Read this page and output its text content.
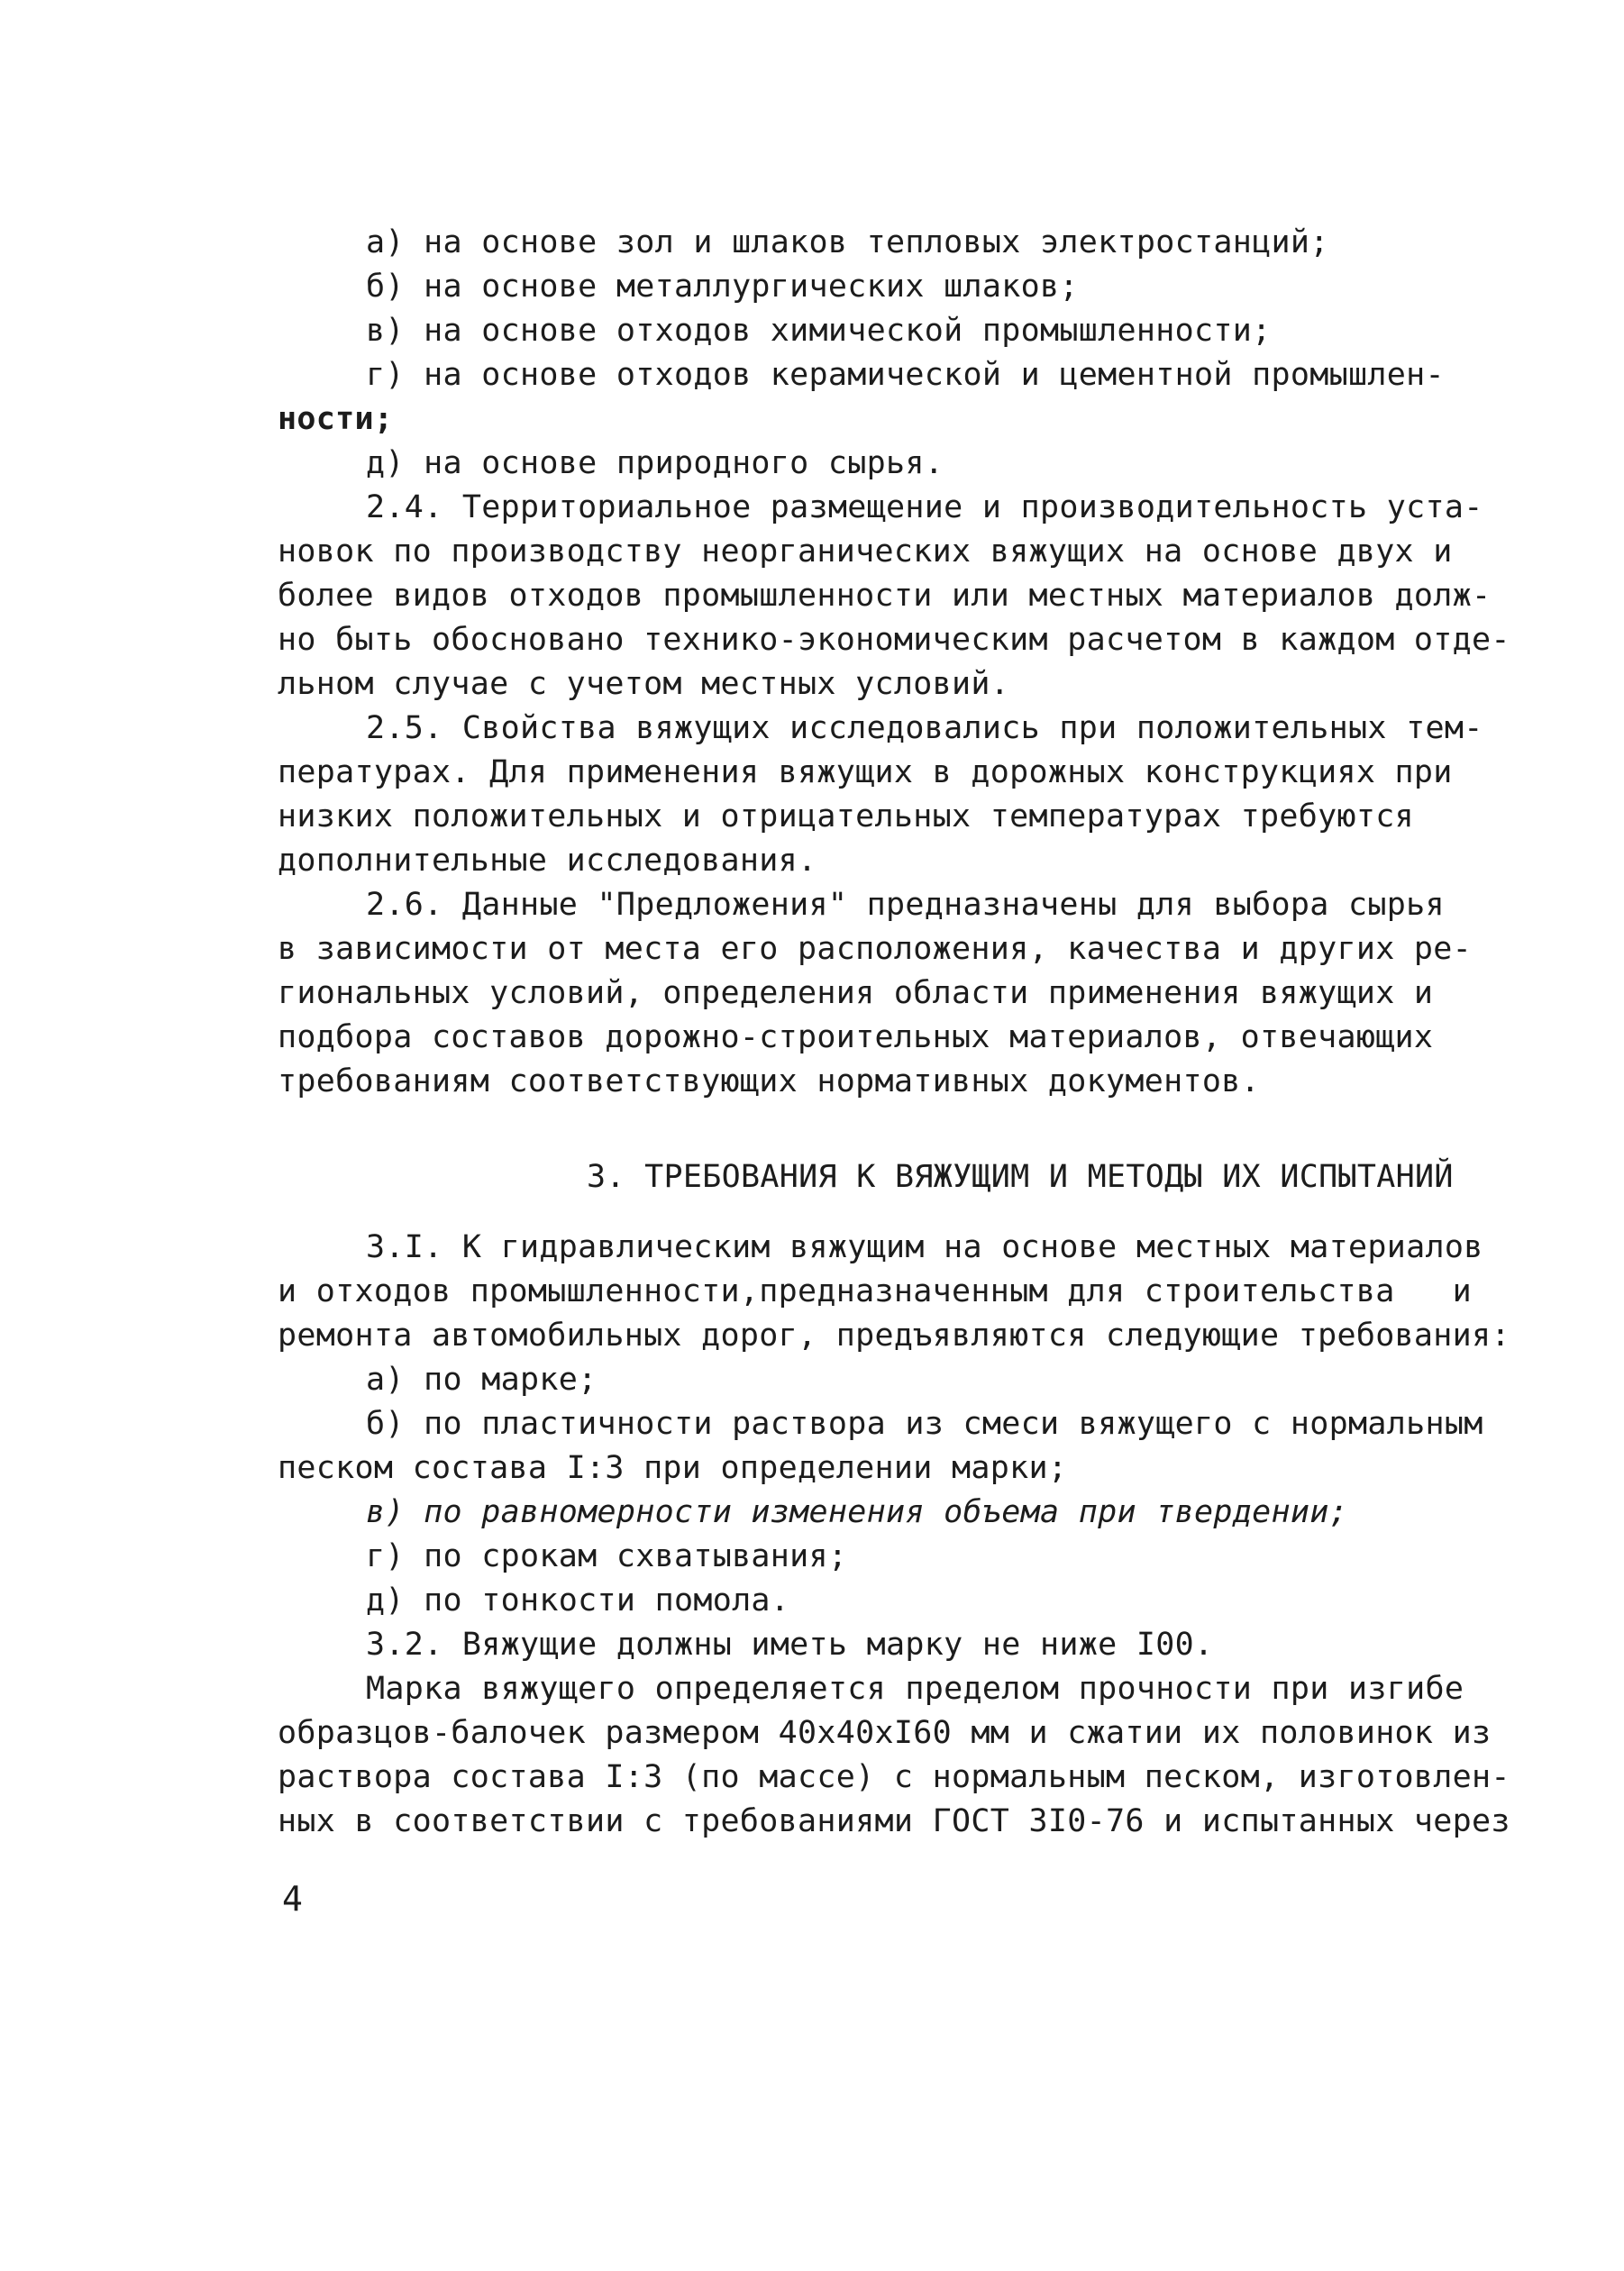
а) на основе зол и шлаков тепловых электростанций;
б) на основе металлургических шлаков;
в) на основе отходов химической промышленности;
г) на основе отходов керамической и цементной промышлен-
ности;
д) на основе природного сырья.
2.4. Территориальное размещение и производительность уста-
новок по производству неорганических вяжущих на основе двух и
более видов отходов промышленности или местных материалов долж-
но быть обосновано технико-экономическим расчетом в каждом отде-
льном случае с учетом местных условий.
2.5. Свойства вяжущих исследовались при положительных тем-
пературах. Для применения вяжущих в дорожных конструкциях при
низких положительных и отрицательных температурах требуются
дополнительные исследования.
2.6. Данные "Предложения" предназначены для выбора сырья
в зависимости от места его расположения, качества и других ре-
гиональных условий, определения области применения вяжущих и
подбора составов дорожно-строительных материалов, отвечающих
требованиям соответствующих нормативных документов.
3. ТРЕБОВАНИЯ К ВЯЖУЩИМ И МЕТОДЫ ИХ ИСПЫТАНИЙ
3.I. К гидравлическим вяжущим на основе местных материалов
и отходов промышленности,предназначенным для строительства   и
ремонта автомобильных дорог, предъявляются следующие требования:
а) по марке;
б) по пластичности раствора из смеси вяжущего с нормальным
песком состава I:3 при определении марки;
в) по равномерности изменения объема при твердении;
г) по срокам схватывания;
д) по тонкости помола.
3.2. Вяжущие должны иметь марку не ниже I00.
Марка вяжущего определяется пределом прочности при изгибе
образцов-балочек размером 40х40хI60 мм и сжатии их половинок из
раствора состава I:3 (по массе) с нормальным песком, изготовлен-
ных в соответствии с требованиями ГОСТ 3I0-76 и испытанных через
4
